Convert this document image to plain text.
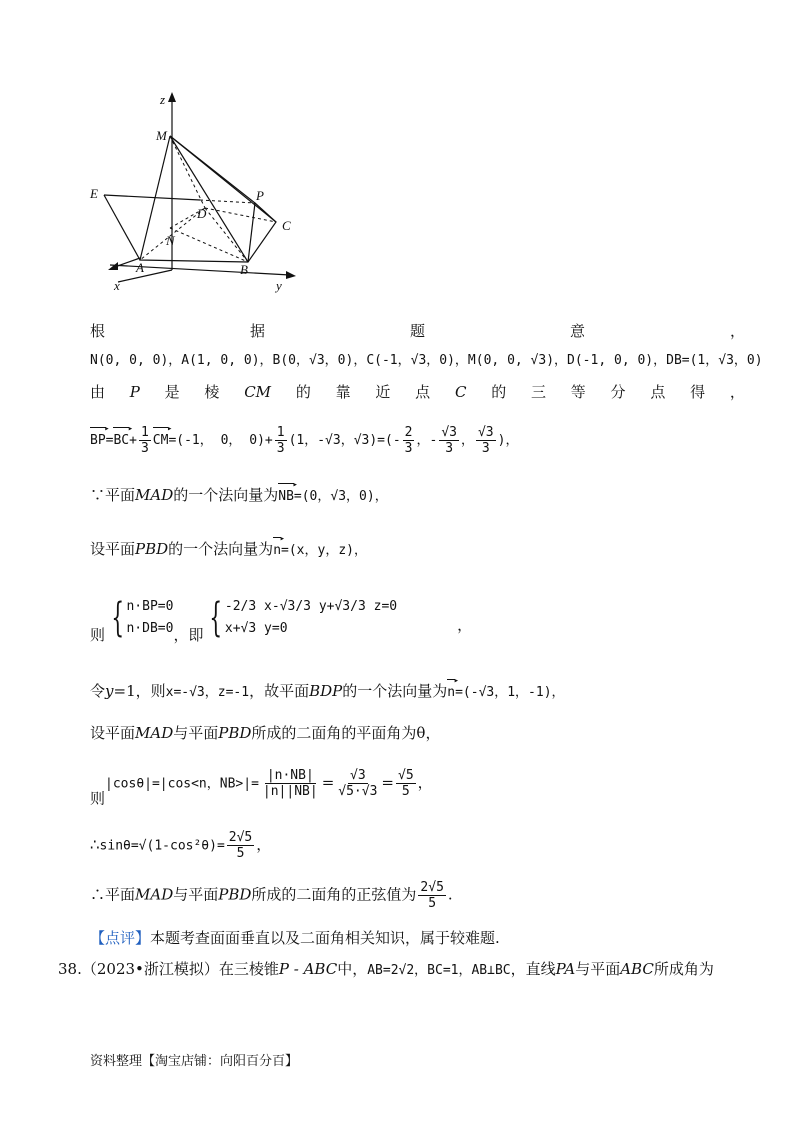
z
M
E	P
D
C
N
A	B
x	y
根	据	题	意	，
N(0, 0, 0)，A(1, 0, 0)，B(0，√3，0)，C(-1，√3，0)，M(0, 0, √3)，D(-1, 0, 0)，DB=(1，√3，0)
由 P 是 棱 CM 的 靠 近 点 C 的 三 等 分 点 得 ，
BP ▸=BC ▸+ $\frac{1}{3}$ CM ▸=(-1， 0， $0)+ \frac{1}{3} (1$，-√3，$√3)=(- \frac{2}{3}$ ，- $\frac{√3}{3}$ ， $\frac{√3}{3}$ )，
∵平面MAD的一个法向量为NB ▸=(0，√3，0)，
设平面PBD的一个法向量为n ▸=(x，y，z)，
则 { n·BP=0
n·DB=0 ，即 { -2/3 x-√3/3 y+√3/3 z=0
x+√3 y=0	，
令y=1，则x=-√3，z=-1，故平面BDP的一个法向量为n ▸=(-√3，1，-1)，
设平面MAD与平面PBD所成的二面角的平面角为θ，
则|cosθ|=|cos<n，$NB>|= \frac{|n\cdot NB|}{|n||NB|} = \frac{√3}{√5\cdot√3} = \frac{√5}{5}$ ，
∴sinθ=√(1-cos²θ)= $\frac{2√5}{5}$ ，
∴平面MAD与平面PBD所成的二面角的正弦值为 $\frac{2√5}{5}$ .
【点评】本题考查面面垂直以及二面角相关知识，属于较难题.
38.（2023•浙江模拟）在三棱锥P - ABC中，AB=2√2，BC=1，AB⊥BC，直线PA与平面ABC所成角为
资料整理【淘宝店铺：向阳百分百】
